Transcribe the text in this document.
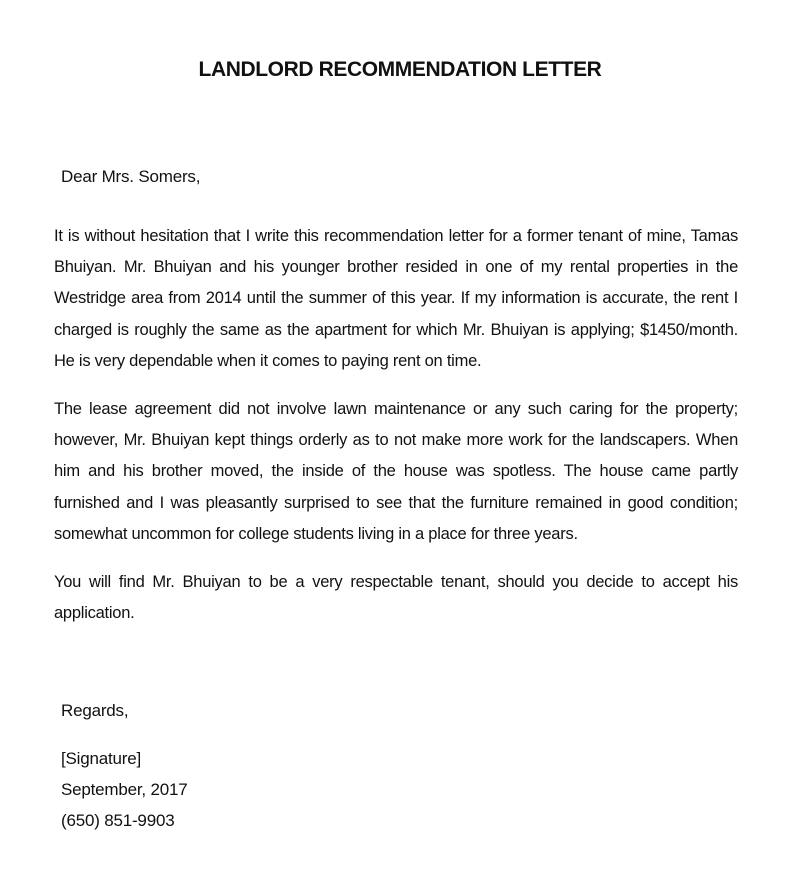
LANDLORD RECOMMENDATION LETTER
Dear Mrs. Somers,

It is without hesitation that I write this recommendation letter for a former tenant of mine, Tamas Bhuiyan. Mr. Bhuiyan and his younger brother resided in one of my rental properties in the Westridge area from 2014 until the summer of this year. If my information is accurate, the rent I charged is roughly the same as the apartment for which Mr. Bhuiyan is applying; $1450/month. He is very dependable when it comes to paying rent on time.

The lease agreement did not involve lawn maintenance or any such caring for the property; however, Mr. Bhuiyan kept things orderly as to not make more work for the landscapers. When him and his brother moved, the inside of the house was spotless. The house came partly furnished and I was pleasantly surprised to see that the furniture remained in good condition; somewhat uncommon for college students living in a place for three years.

You will find Mr. Bhuiyan to be a very respectable tenant, should you decide to accept his application.

Regards,
[Signature]
September, 2017
(650) 851-9903
